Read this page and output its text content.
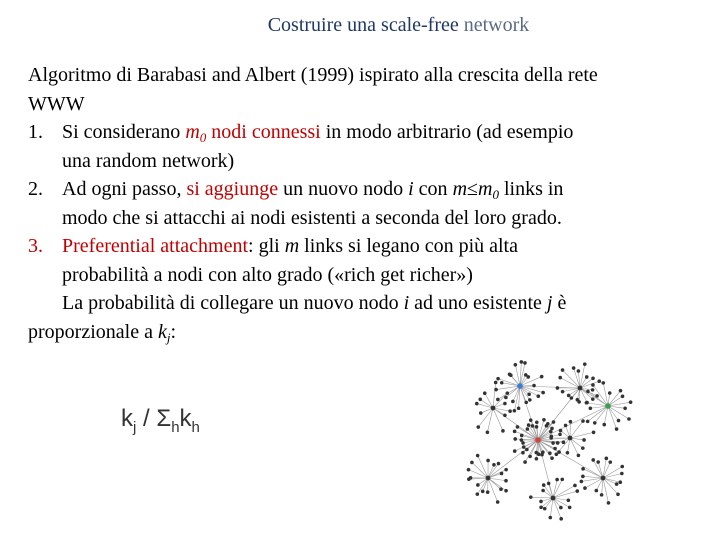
Costruire una scale-free network
Algoritmo di Barabasi and Albert (1999) ispirato alla crescita della rete
WWW
1. Si considerano $m_0$ nodi connessi in modo arbitrario (ad esempio
una random network)
2. Ad ogni passo, si aggiunge un nuovo nodo i con $m\le m_0$ links in
modo che si attacchi ai nodi esistenti a seconda del loro grado.
3. Preferential attachment: gli m links si legano con più alta
probabilità a nodi con alto grado («rich get richer»)
La probabilità di collegare un nuovo nodo i ad uno esistente j è
proporzionale a $k_j$:
$k_j / \Sigma_hk_h$
